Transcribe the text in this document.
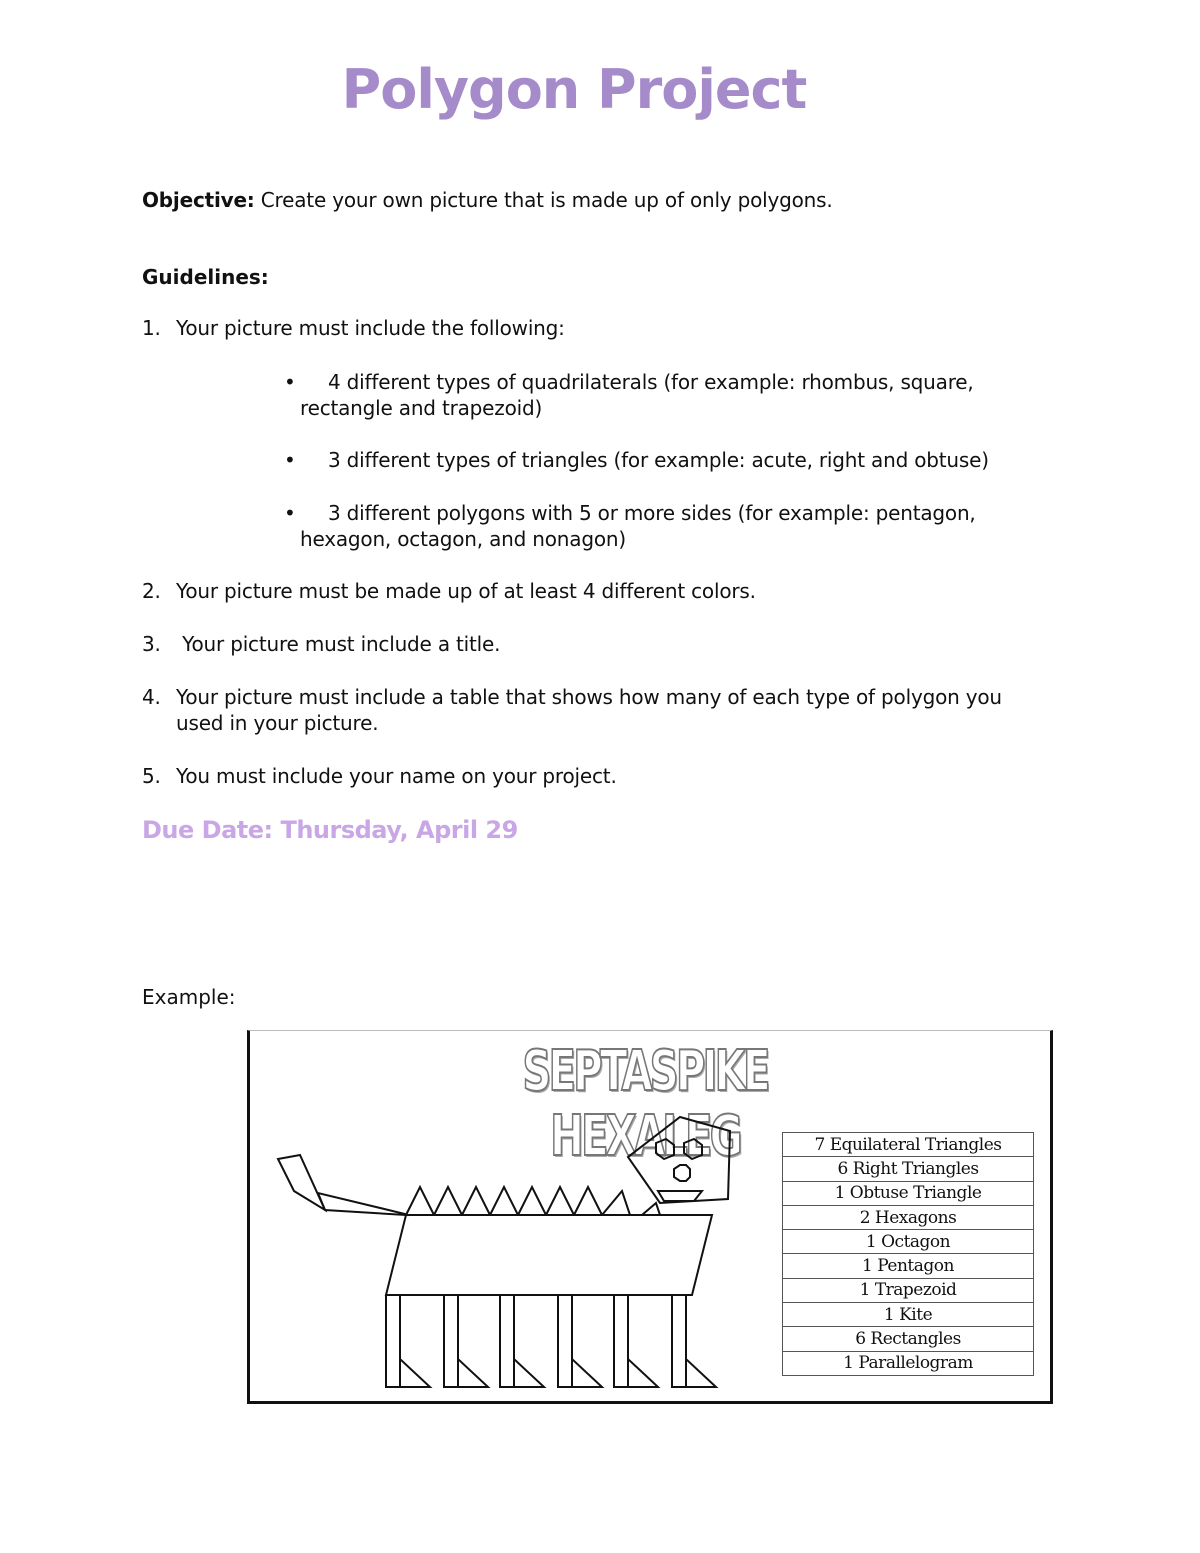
Polygon Project
Objective: Create your own picture that is made up of only polygons.
Guidelines:
1. Your picture must include the following:
•	4 different types of quadrilaterals (for example: rhombus, square, rectangle and trapezoid)
•	3 different types of triangles (for example: acute, right and obtuse)
•	3 different polygons with 5 or more sides (for example: pentagon, hexagon, octagon, and nonagon)
2. Your picture must be made up of at least 4 different colors.
3. Your picture must include a title.
4. Your picture must include a table that shows how many of each type of polygon you used in your picture.
5. You must include your name on your project.
Due Date: Thursday, April 29
Example:
SEPTASPIKE HEXALEG	7 Equilateral Triangles
6 Right Triangles
1 Obtuse Triangle
2 Hexagons
1 Octagon
1 Pentagon
1 Trapezoid
1 Kite
6 Rectangles
1 Parallelogram
